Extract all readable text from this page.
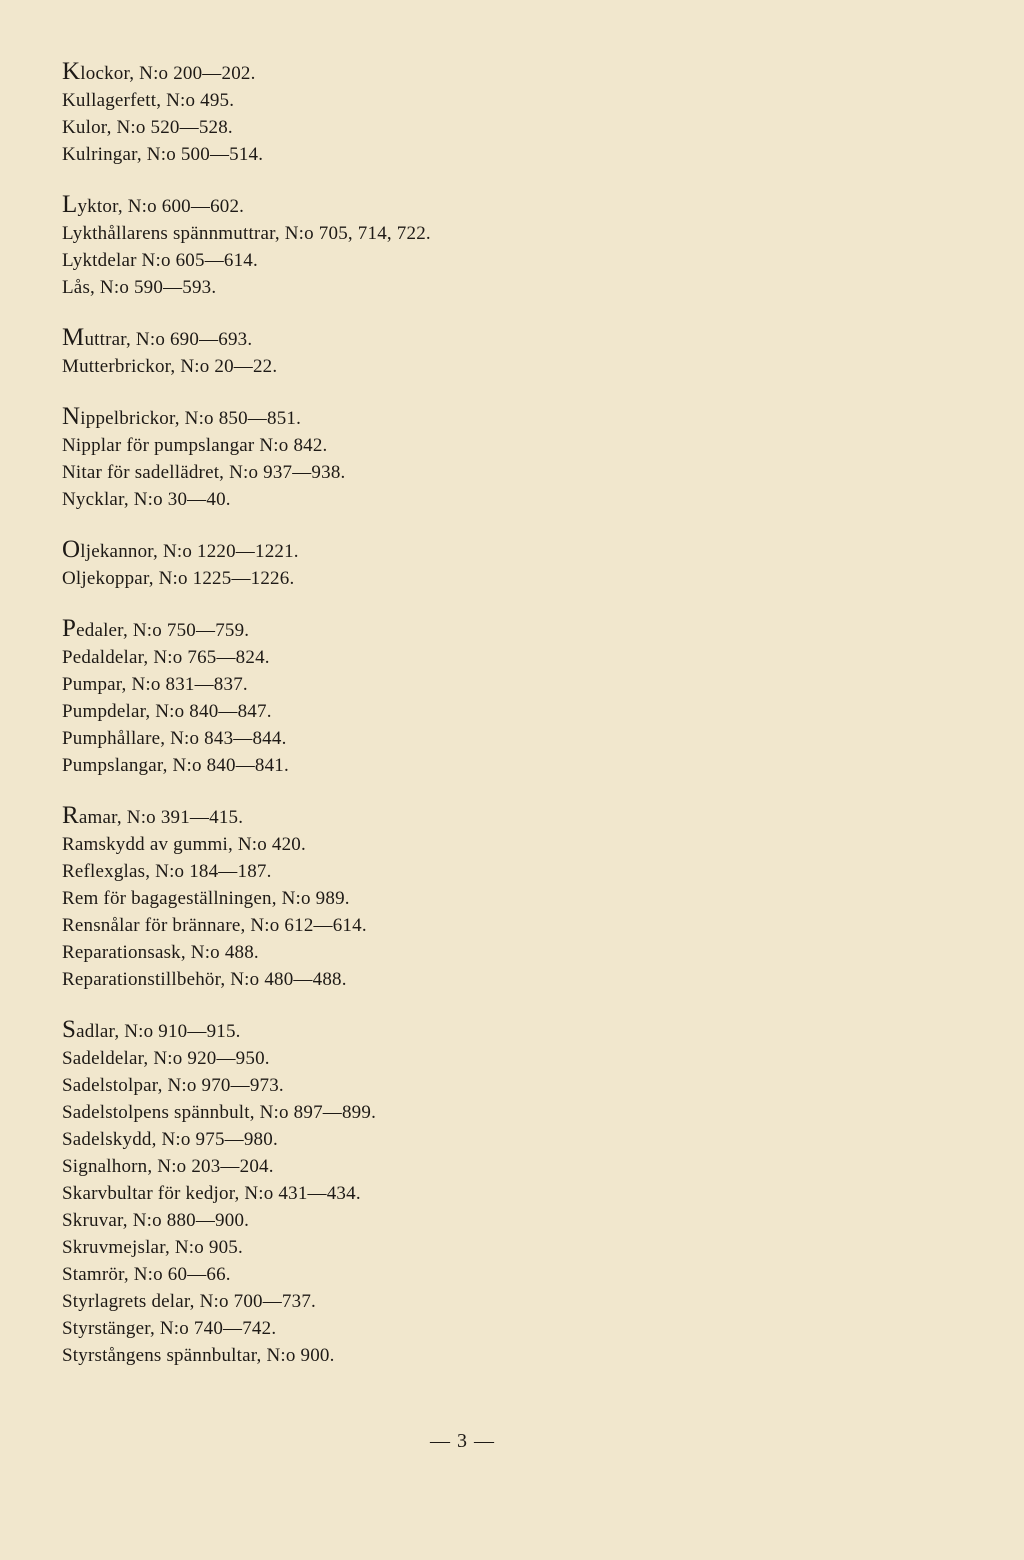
Klockor, N:o 200—202.
Kullagerfett, N:o 495.
Kulor, N:o 520—528.
Kulringar, N:o 500—514.
Lyktor, N:o 600—602.
Lykthållarens spännmuttrar, N:o 705, 714, 722.
Lyktdelar N:o 605—614.
Lås, N:o 590—593.
Muttrar, N:o 690—693.
Mutterbrickor, N:o 20—22.
Nippelbrickor, N:o 850—851.
Nipplar för pumpslangar N:o 842.
Nitar för sadellädret, N:o 937—938.
Nycklar, N:o 30—40.
Oljekannor, N:o 1220—1221.
Oljekoppar, N:o 1225—1226.
Pedaler, N:o 750—759.
Pedaldelar, N:o 765—824.
Pumpar, N:o 831—837.
Pumpdelar, N:o 840—847.
Pumphållare, N:o 843—844.
Pumpslangar, N:o 840—841.
Ramar, N:o 391—415.
Ramskydd av gummi, N:o 420.
Reflexglas, N:o 184—187.
Rem för bagageställningen, N:o 989.
Rensnålar för brännare, N:o 612—614.
Reparationsask, N:o 488.
Reparationstillbehör, N:o 480—488.
Sadlar, N:o 910—915.
Sadeldelar, N:o 920—950.
Sadelstolpar, N:o 970—973.
Sadelstolpens spännbult, N:o 897—899.
Sadelskydd, N:o 975—980.
Signalhorn, N:o 203—204.
Skarvbultar för kedjor, N:o 431—434.
Skruvar, N:o 880—900.
Skruvmejslar, N:o 905.
Stamrör, N:o 60—66.
Styrlagrets delar, N:o 700—737.
Styrstänger, N:o 740—742.
Styrstångens spännbultar, N:o 900.
— 3 —
